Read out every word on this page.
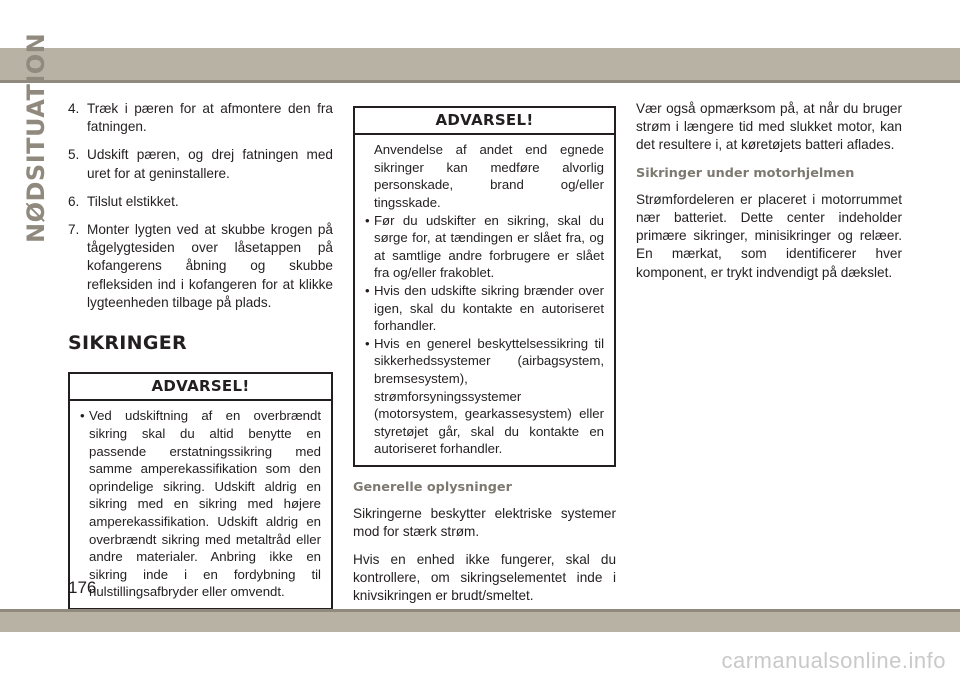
NØDSITUATION 4. Træk i pæren for at afmontere den fra fatningen.
5. Udskift pæren, og drej fatningen med uret for at geninstallere.
6. Tilslut elstikket.
7. Monter lygten ved at skubbe krogen på tågelygtesiden over låsetappen på kofangerens åbning og skubbe refleksiden ind i kofangeren for at klikke lygteenheden tilbage på plads.
SIKRINGER
ADVARSEL!
• Ved udskiftning af en overbrændt sikring skal du altid benytte en passende erstatningssikring med samme amperekassifikation som den oprindelige sikring. Udskift aldrig en sikring med en sikring med højere amperekassifikation. Udskift aldrig en overbrændt sikring med metaltråd eller andre materialer. Anbring ikke en sikring inde i en fordybning til nulstillingsafbryder eller omvendt.
ADVARSEL!
Anvendelse af andet end egnede sikringer kan medføre alvorlig personskade, brand og/eller tingsskade.
• Før du udskifter en sikring, skal du sørge for, at tændingen er slået fra, og at samtlige andre forbrugere er slået fra og/eller frakoblet.
• Hvis den udskifte sikring brænder over igen, skal du kontakte en autoriseret forhandler.
• Hvis en generel beskyttelsessikring til sikkerhedssystemer (airbagsystem, bremsesystem), strømforsyningssystemer (motorsystem, gearkassesystem) eller styretøjet går, skal du kontakte en autoriseret forhandler.
Generelle oplysninger

Sikringerne beskytter elektriske systemer mod for stærk strøm.

Hvis en enhed ikke fungerer, skal du kontrollere, om sikringselementet inde i knivsikringen er brudt/smeltet.

Vær også opmærksom på, at når du bruger strøm i længere tid med slukket motor, kan det resultere i, at køretøjets batteri aflades.

Sikringer under motorhjelmen

Strømfordeleren er placeret i motorrummet nær batteriet. Dette center indeholder primære sikringer, minisikringer og relæer. En mærkat, som identificerer hver komponent, er trykt indvendigt på dækslet.

176
carmanualsonline.info
